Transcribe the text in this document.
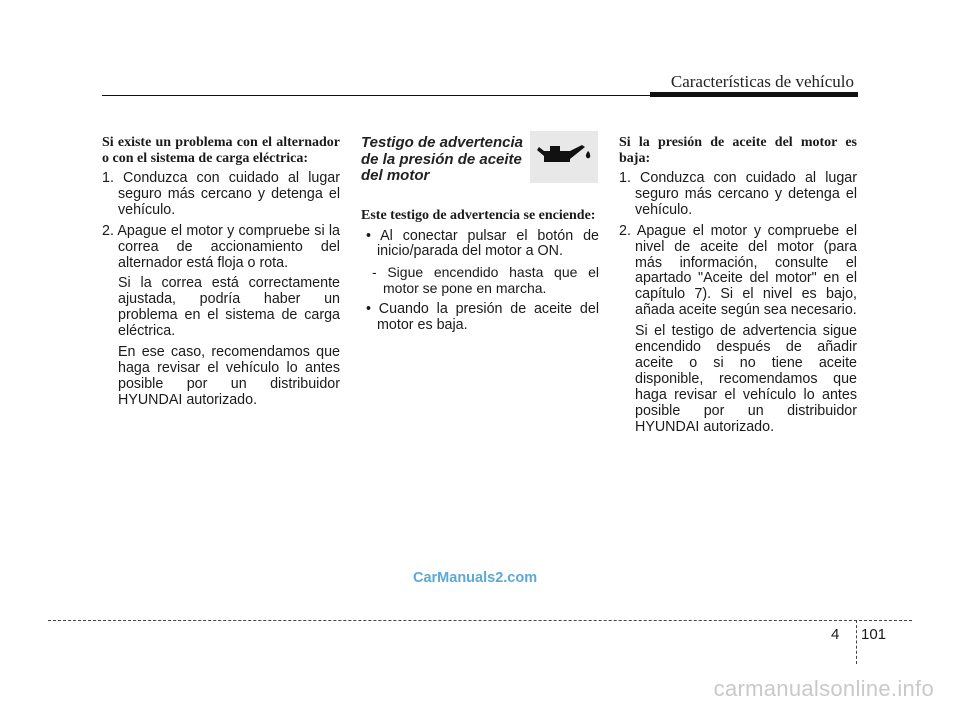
Características de vehículo
Si existe un problema con el alternador o con el sistema de carga eléctrica:
1. Conduzca con cuidado al lugar seguro más cercano y detenga el vehículo.
2. Apague el motor y compruebe si la correa de accionamiento del alternador está floja o rota.
Si la correa está correctamente ajustada, podría haber un problema en el sistema de carga eléctrica.
En ese caso, recomendamos que haga revisar el vehículo lo antes posible por un distribuidor HYUNDAI autorizado.
Testigo de advertencia de la presión de aceite del motor
Este testigo de advertencia se enciende:
• Al conectar pulsar el botón de inicio/parada del motor a ON.
- Sigue encendido hasta que el motor se pone en marcha.
• Cuando la presión de aceite del motor es baja.
Si la presión de aceite del motor es baja:
1. Conduzca con cuidado al lugar seguro más cercano y detenga el vehículo.
2. Apague el motor y compruebe el nivel de aceite del motor (para más información, consulte el apartado "Aceite del motor" en el capítulo 7). Si el nivel es bajo, añada aceite según sea necesario.
Si el testigo de advertencia sigue encendido después de añadir aceite o si no tiene aceite disponible, recomendamos que haga revisar el vehículo lo antes posible por un distribuidor HYUNDAI autorizado.
CarManuals2.com
4 101
carmanualsonline.info
